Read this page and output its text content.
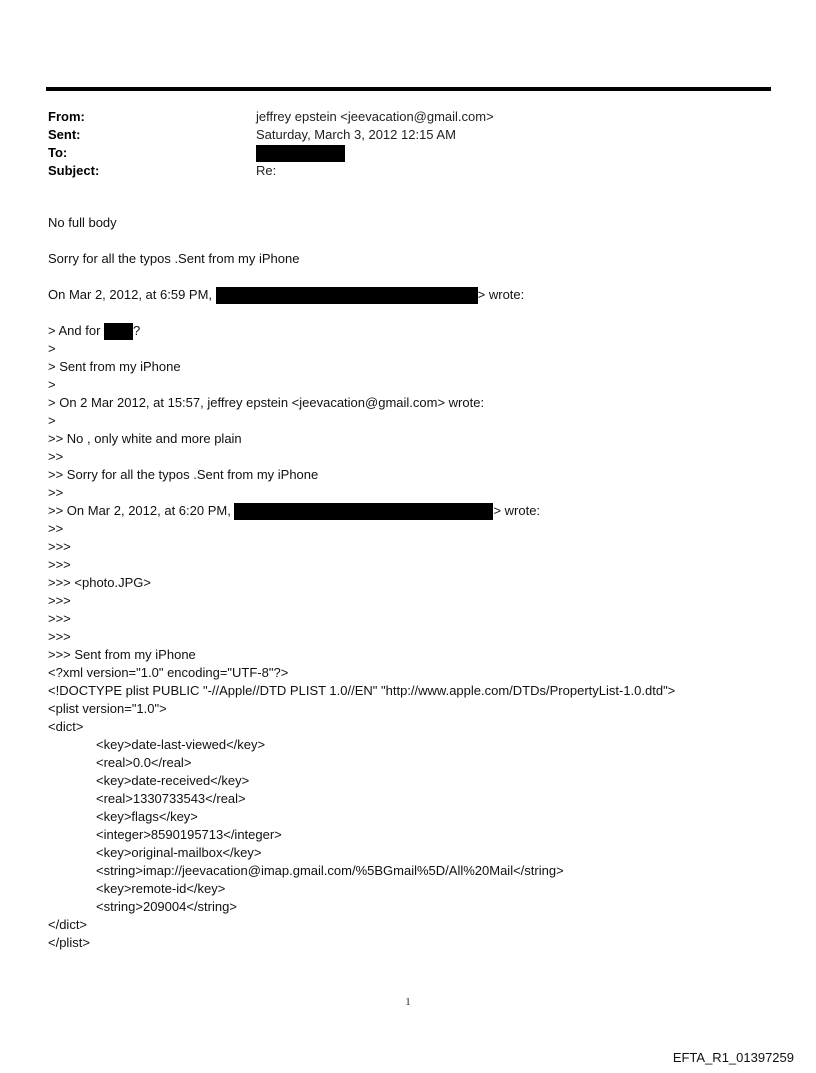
From:	jeffrey epstein <jeevacation@gmail.com>
Sent:	Saturday, March 3, 2012 12:15 AM
To:
Subject:	Re:
No full body
Sorry for all the typos .Sent from my iPhone
On Mar 2, 2012, at 6:59 PM,	> wrote:
> And for ?
>
> Sent from my iPhone
>
> On 2 Mar 2012, at 15:57, jeffrey epstein <jeevacation@gmail.com> wrote:
>
>> No , only white and more plain
>>
>> Sorry for all the typos .Sent from my iPhone
>>
>> On Mar 2, 2012, at 6:20 PM,	> wrote:
>>
>>>
>>>
>>> <photo.JPG>
>>>
>>>
>>>
>>> Sent from my iPhone
<?xml version="1.0" encoding="UTF-8"?>
<!DOCTYPE plist PUBLIC "-//Apple//DTD PLIST 1.0//EN" "http://www.apple.com/DTDs/PropertyList-1.0.dtd">
<plist version="1.0">
<dict>
<key>date-last-viewed</key>
<real>0.0</real>
<key>date-received</key>
<real>1330733543</real>
<key>flags</key>
<integer>8590195713</integer>
<key>original-mailbox</key>
<string>imap://jeevacation@imap.gmail.com/%5BGmail%5D/All%20Mail</string>
<key>remote-id</key>
<string>209004</string>
</dict>
</plist>
1
EFTA_R1_01397259
